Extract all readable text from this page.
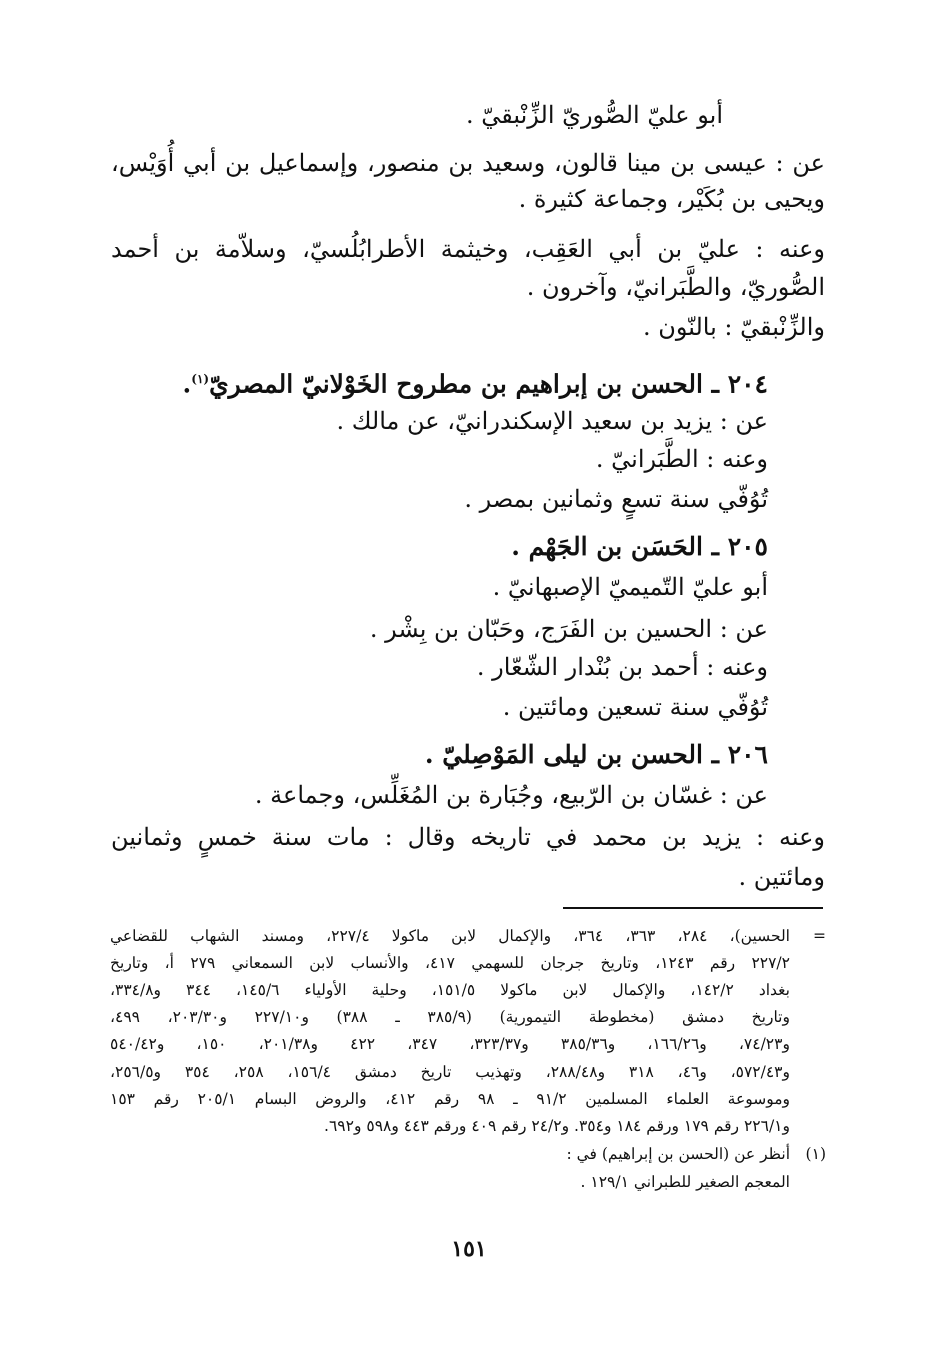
أبو عليّ الصُّوريّ الزِّنْبقيّ .
عن : عيسى بن مينا قالون، وسعيد بن منصور، وإسماعيل بن أبي أُوَيْس،
ويحيى بن بُكَيْر، وجماعة كثيرة .
وعنه : عليّ بن أبي العَقِب، وخيثمة الأطرابُلُسيّ، وسلاّمة بن أحمد
الصُّوريّ، والطَّبَرانيّ، وآخرون .
والزِّنْبقيّ : بالنّون .
٢٠٤ ـ الحسن بن إبراهيم بن مطروح الخَوْلانيّ المصريّ$^{(١)}$.
عن : يزيد بن سعيد الإسكندرانيّ، عن مالك .
وعنه : الطَّبَرانيّ .
تُوُفّي سنة تسعٍ وثمانين بمصر .
٢٠٥ ـ الحَسَن بن الجَهْم .
أبو عليّ التّميميّ الإصبهانيّ .
عن : الحسين بن الفَرَج، وحَبّان بن بِشْر .
وعنه : أحمد بن بُنْدار الشّعّار .
تُوُفّي سنة تسعين ومائتين .
٢٠٦ ـ الحسن بن ليلى المَوْصِليّ .
عن : غسّان بن الرّبيع، وجُبَارة بن المُغَلِّس، وجماعة .
وعنه : يزيد بن محمد في تاريخه وقال : مات سنة خمسٍ وثمانين
ومائتين .
=
الحسين)، ٢٨٤، ٣٦٣، ٣٦٤، والإكمال لابن ماكولا ٢٢٧/٤، ومسند الشهاب للقضاعي
٢٢٧/٢ رقم ١٢٤٣، وتاريخ جرجان للسهمي ٤١٧، والأنساب لابن السمعاني ٢٧٩ أ، وتاريخ
بغداد ١٤٢/٢، والإكمال لابن ماكولا ١٥١/٥، وحلية الأولياء ١٤٥/٦، ٣٤٤ و٣٣٤/٨،
وتاريخ دمشق (مخطوطة التيمورية) (٣٨٥/٩ ـ ٣٨٨) و٢٢٧/١٠ و٢٠٣/٣٠، ٤٩٩،
و٧٤/٢٣، و١٦٦/٢٦، و٣٨٥/٣٦ و٣٢٣/٣٧، ٣٤٧، ٤٢٢ و٢٠١/٣٨، ١٥٠، و٥٤٠/٤٢
و٥٧٢/٤٣، و٤٦، ٣١٨ و٢٨٨/٤٨، وتهذيب تاريخ دمشق ١٥٦/٤، ٢٥٨، ٣٥٤ و٢٥٦/٥،
وموسوعة العلماء المسلمين ٩١/٢ ـ ٩٨ رقم ٤١٢، والروض البسام ٢٠٥/١ رقم ١٥٣
و٢٢٦/١ رقم ١٧٩ ورقم ١٨٤ و٣٥٤. و٢٤/٢ رقم ٤٠٩ ورقم ٤٤٣ و٥٩٨ و٦٩٢.
(١)
أنظر عن (الحسن بن إبراهيم) في :
المعجم الصغير للطبراني ١٢٩/١ .
١٥١
